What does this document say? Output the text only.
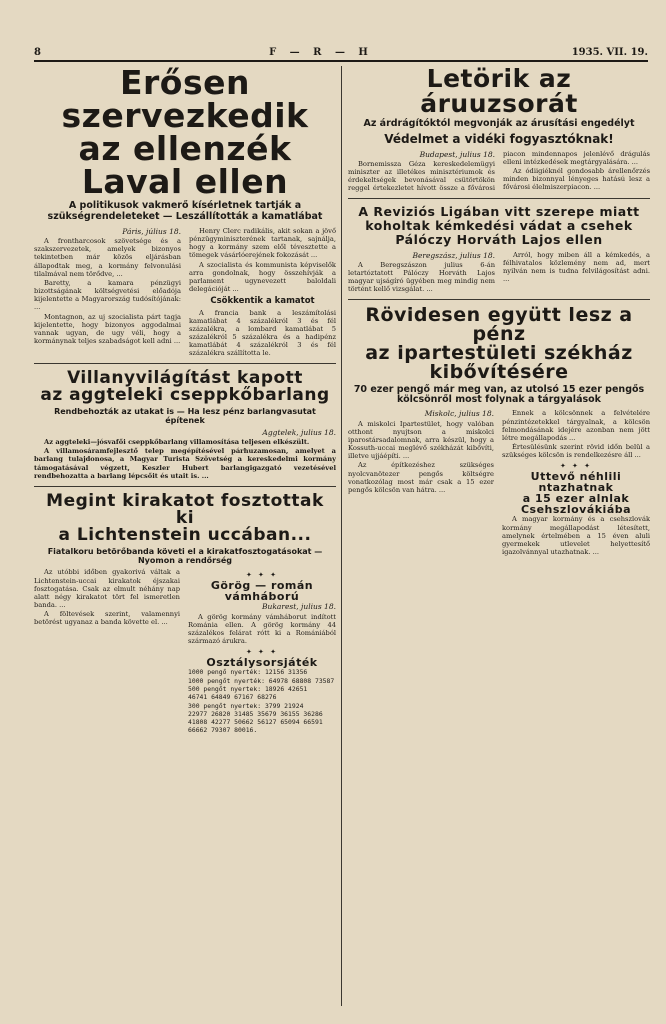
8	F — R — H	1935. VII. 19.
Erősen szervezkedik
az ellenzék Laval ellen
A politikusok vakmerő kísérletnek tartják a szükségrendeleteket — Leszállították a kamatlábat
Páris, július 18.

A frontharcosok szövetsége és a szakszervezetek, amelyek bizonyos tekintetben már közös eljárásban állapodtak meg, a kormány felvonulási tilalmával nem törődve, ...

Baretty, a kamara pénzügyi bizottságának költségvetési előadója kijelentette a Magyarország tudósítójának: ...

Montagnon, az uj szocialista párt tagja kijelentette, hogy bizonyos aggodalmai vannak ugyan, de ugy véli, hogy a kormánynak teljes szabadságot kell adni ...

Henry Clerc radikális, akit sokan a jövő pénzügyminiszterének tartanak, sajnálja, hogy a kormány szem elől tévesztette a tömegek vásárlóerejének fokozását ...

A szocialista és kommunista képviselők arra gondolnak, hogy összehívják a parlament ugynevezett baloldali delegációját ...

Csökkentik a kamatot

A francia bank a leszámítolási kamatlábat 4 százalékról 3 és fél százalékra, a lombard kamatlábat 5 százalékról 5 százalékra és a hadipénz kamatlábát 4 százalékról 3 és fél százalékra szállította le.

Villanyvilágítást kapott
az aggteleki cseppkőbarlang
Rendbehozták az utakat is — Ha lesz pénz barlangvasutat építenek
Aggtelek, julius 18.

Az aggteleki—jósvafői cseppkőbarlang villamosítása teljesen elkészült.

A villamosáramfejlesztő telep megépítésével párhuzamosan, amelyet a barlang tulajdonosa, a Magyar Turista Szövetség a kereskedelmi kormány támogatásával végzett, Keszler Hubert barlangigazgató vezetésével rendbehozatta a barlang lépcsőit és utait is. ...

Megint kirakatot fosztottak ki
a Lichtenstein uccában...
Fiatalkoru betörőbanda követi el a kirakatfosztogatásokat — Nyomon a rendőrség

Az utóbbi időben gyakorivá váltak a Lichtenstein-uccai kirakatok éjszakai fosztogatása. Csak az elmult néhány nap alatt négy kirakatot tört fel ismeretlen banda. ...

A föltevések szerint, valamennyi betörést ugyanaz a banda követte el. ...

✦ ✦ ✦
Görög — román
vámháború
Bukarest, julius 18.

A görög kormány vámháborut indított Románia ellen. A görög kormány 44 százalékos felárat rótt ki a Romániából származó árukra.

✦ ✦ ✦
Osztálysorsjáték
1000 pengő nyerték: 12156 31356
1000 pengőt nyerték: 64978 68808 73587
500 pengőt nyertek: 18926 42651
46741 64849 67167 68276
300 pengőt nyertek: 3799 21924
22977 26820 31485 35679 36155 36286
41808 42277 50662 56127 65094 66591
66662 79307 80016.
Letörik az áruuzsorát
Az árdrágítóktól megvonják az árusítási engedélyt
Védelmet a vidéki fogyasztóknak!
Budapest, julius 18.

Bornemissza Géza kereskedelemügyi miniszter az illetékes minisztériumok és érdekeltségek bevonásával csütörtökön reggel értekezletet hívott össze a fővárosi piacon mindennapos jelenlévő drágulás elleni intézkedések megtárgyalására. ...

Az ódiigiéknél gondosabb árellenőrzés minden bizonnyal lényeges hatású lesz a fővárosi élelmiszerpiacon. ...

A Reviziós Ligában vitt szerepe miatt koholtak kémkedési vádat a csehek Pálóczy Horváth Lajos ellen
Beregszász, julius 18.

A Beregszászon julius 6-án letartóztatott Pálóczy Horváth Lajos magyar ujságíró ügyében meg mindig nem történt kellő vizsgálat. ...

Arról, hogy miben áll a kémkedés, a félhivatalos közlemény nem ad, mert nyilván nem is tudna felvilágosítást adni. ...

Rövidesen együtt lesz a pénz
az ipartestületi székház
kibővítésére
70 ezer pengő már meg van, az utolsó 15 ezer pengős kölcsönről most folynak a tárgyalások
Miskolc, julius 18.

A miskolci Ipartestület, hogy valóban otthont nyujtson a miskolci iparostársadalomnak, arra készül, hogy a Kossuth-uccai meglévő székházát kibővíti, illetve ujjáépíti. ...

Az építkezéshez szükséges nyolcvanötezer pengős költségre vonatkozólag most már csak a 15 ezer pengős kölcsön van hátra. ...

Ennek a kölcsönnek a felvételére pénzintézetekkel tárgyalnak, a kölcsön felmondásának idejére azonban nem jött létre megállapodás ...

Értesülésünk szerint rövid időn belül a szükséges kölcsön is rendelkezésre áll ...

✦ ✦ ✦
Uttevő néhlili ntazhatnak
a 15 ezer alnlak
Csehszlovákiába

A magyar kormány és a csehszlovák kormány megállapodást létesített, amelynek értelmében a 15 éven aluli gyermekek utlevelet helyettesítő igazolvánnyal utazhatnak. ...
